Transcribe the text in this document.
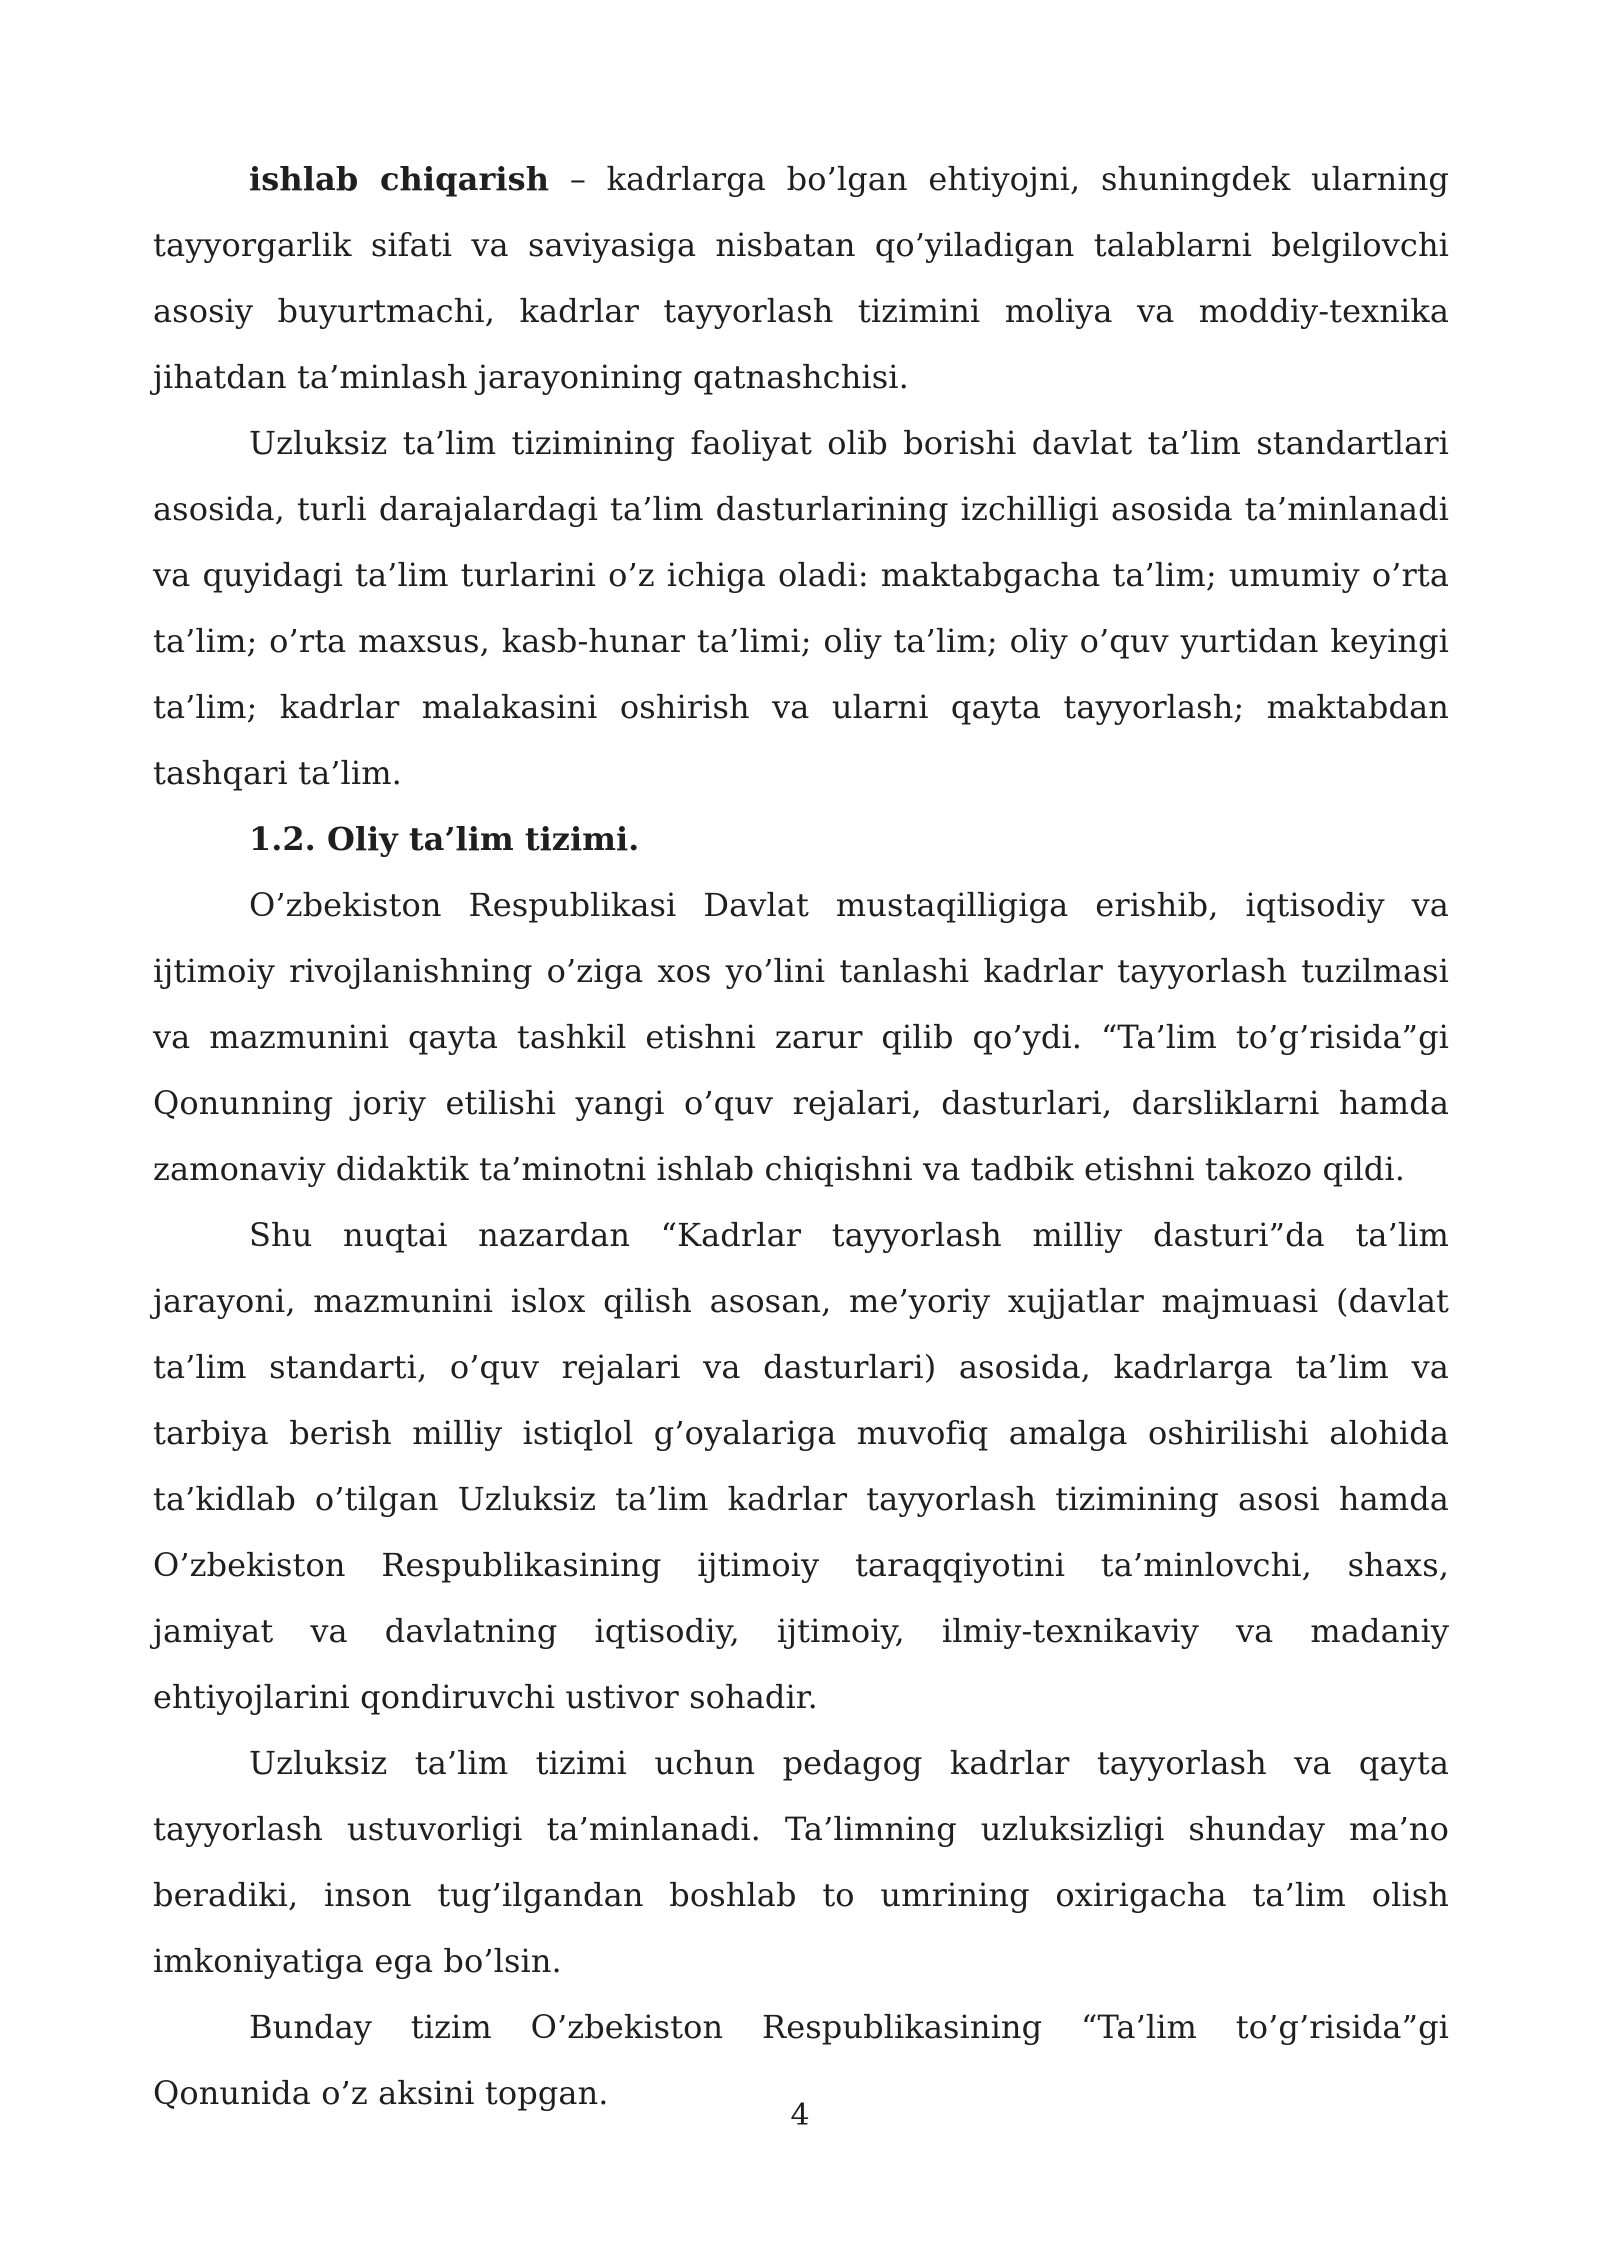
ishlab chiqarish – kadrlarga bo’lgan ehtiyojni, shuningdek ularning tayyorgarlik sifati va saviyasiga nisbatan qo’yiladigan talablarni belgilovchi asosiy buyurtmachi, kadrlar tayyorlash tizimini moliya va moddiy-texnika jihatdan ta’minlash jarayonining qatnashchisi.

Uzluksiz ta’lim tizimining faoliyat olib borishi davlat ta’lim standartlari asosida, turli darajalardagi ta’lim dasturlarining izchilligi asosida ta’minlanadi va quyidagi ta’lim turlarini o’z ichiga oladi: maktabgacha ta’lim; umumiy o’rta ta’lim; o’rta maxsus, kasb-hunar ta’limi; oliy ta’lim; oliy o’quv yurtidan keyingi ta’lim; kadrlar malakasini oshirish va ularni qayta tayyorlash; maktabdan tashqari ta’lim.

1.2. Oliy ta’lim tizimi.

O’zbekiston Respublikasi Davlat mustaqilligiga erishib, iqtisodiy va ijtimoiy rivojlanishning o’ziga xos yo’lini tanlashi kadrlar tayyorlash tuzilmasi va mazmunini qayta tashkil etishni zarur qilib qo’ydi. “Ta’lim to’g’risida”gi Qonunning joriy etilishi yangi o’quv rejalari, dasturlari, darsliklarni hamda zamonaviy didaktik ta’minotni ishlab chiqishni va tadbik etishni takozo qildi.

Shu nuqtai nazardan “Kadrlar tayyorlash milliy dasturi”da ta’lim jarayoni, mazmunini islox qilish asosan, me’yoriy xujjatlar majmuasi (davlat ta’lim standarti, o’quv rejalari va dasturlari) asosida, kadrlarga ta’lim va tarbiya berish milliy istiqlol g’oyalariga muvofiq amalga oshirilishi alohida ta’kidlab o’tilgan Uzluksiz ta’lim kadrlar tayyorlash tizimining asosi hamda O’zbekiston Respublikasining ijtimoiy taraqqiyotini ta’minlovchi, shaxs, jamiyat va davlatning iqtisodiy, ijtimoiy, ilmiy-texnikaviy va madaniy ehtiyojlarini qondiruvchi ustivor sohadir.

Uzluksiz ta’lim tizimi uchun pedagog kadrlar tayyorlash va qayta tayyorlash ustuvorligi ta’minlanadi. Ta’limning uzluksizligi shunday ma’no beradiki, inson tug’ilgandan boshlab to umrining oxirigacha ta’lim olish imkoniyatiga ega bo’lsin.

Bunday tizim O’zbekiston Respublikasining “Ta’lim to’g’risida”gi Qonunida o’z aksini topgan.

4
